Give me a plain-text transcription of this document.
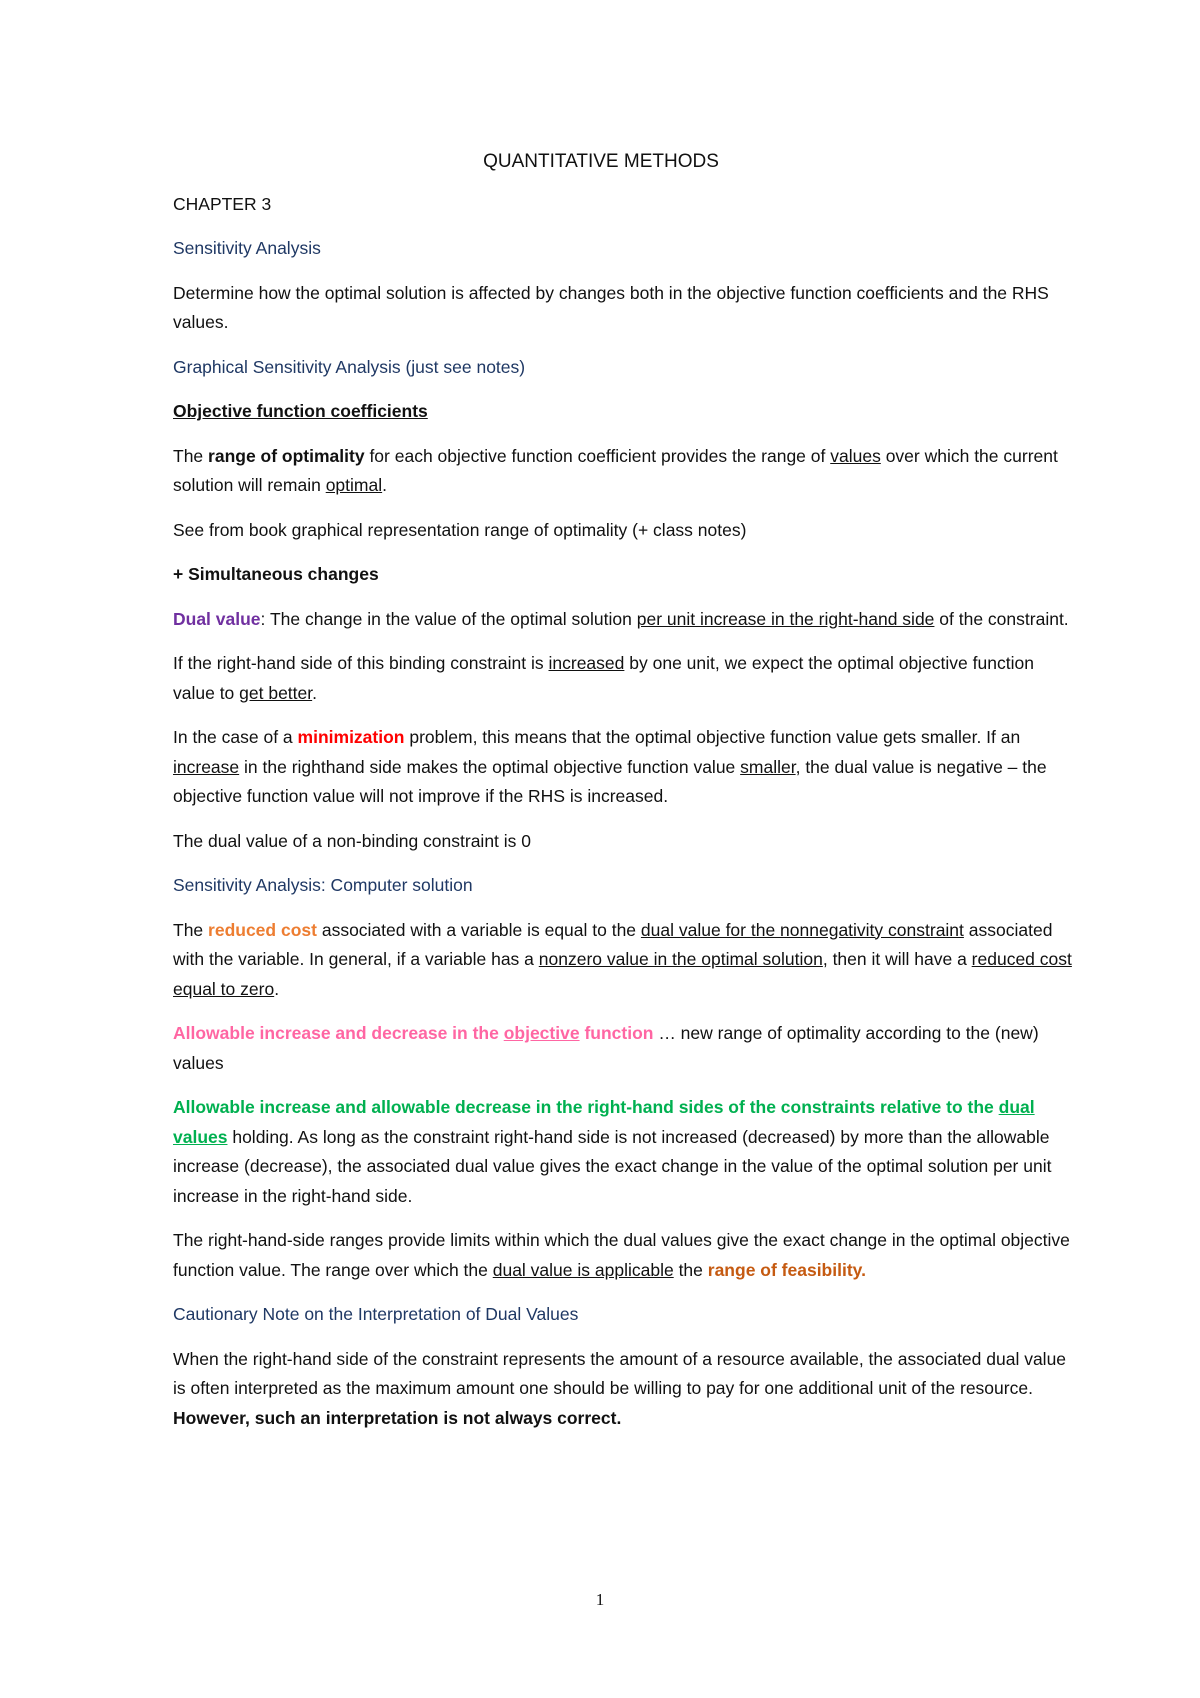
QUANTITATIVE METHODS

CHAPTER 3

Sensitivity Analysis

Determine how the optimal solution is affected by changes both in the objective function coefficients and the RHS values.

Graphical Sensitivity Analysis (just see notes)

Objective function coefficients

The range of optimality for each objective function coefficient provides the range of values over which the current solution will remain optimal.

See from book graphical representation range of optimality (+ class notes)

+ Simultaneous changes

Dual value: The change in the value of the optimal solution per unit increase in the right-hand side of the constraint.

If the right-hand side of this binding constraint is increased by one unit, we expect the optimal objective function value to get better.

In the case of a minimization problem, this means that the optimal objective function value gets smaller. If an increase in the righthand side makes the optimal objective function value smaller, the dual value is negative – the objective function value will not improve if the RHS is increased.

The dual value of a non-binding constraint is 0

Sensitivity Analysis: Computer solution

The reduced cost associated with a variable is equal to the dual value for the nonnegativity constraint associated with the variable. In general, if a variable has a nonzero value in the optimal solution, then it will have a reduced cost equal to zero.

Allowable increase and decrease in the objective function … new range of optimality according to the (new) values

Allowable increase and allowable decrease in the right-hand sides of the constraints relative to the dual values holding. As long as the constraint right-hand side is not increased (decreased) by more than the allowable increase (decrease), the associated dual value gives the exact change in the value of the optimal solution per unit increase in the right-hand side.

The right-hand-side ranges provide limits within which the dual values give the exact change in the optimal objective function value. The range over which the dual value is applicable the range of feasibility.

Cautionary Note on the Interpretation of Dual Values

When the right-hand side of the constraint represents the amount of a resource available, the associated dual value is often interpreted as the maximum amount one should be willing to pay for one additional unit of the resource. However, such an interpretation is not always correct.

1
